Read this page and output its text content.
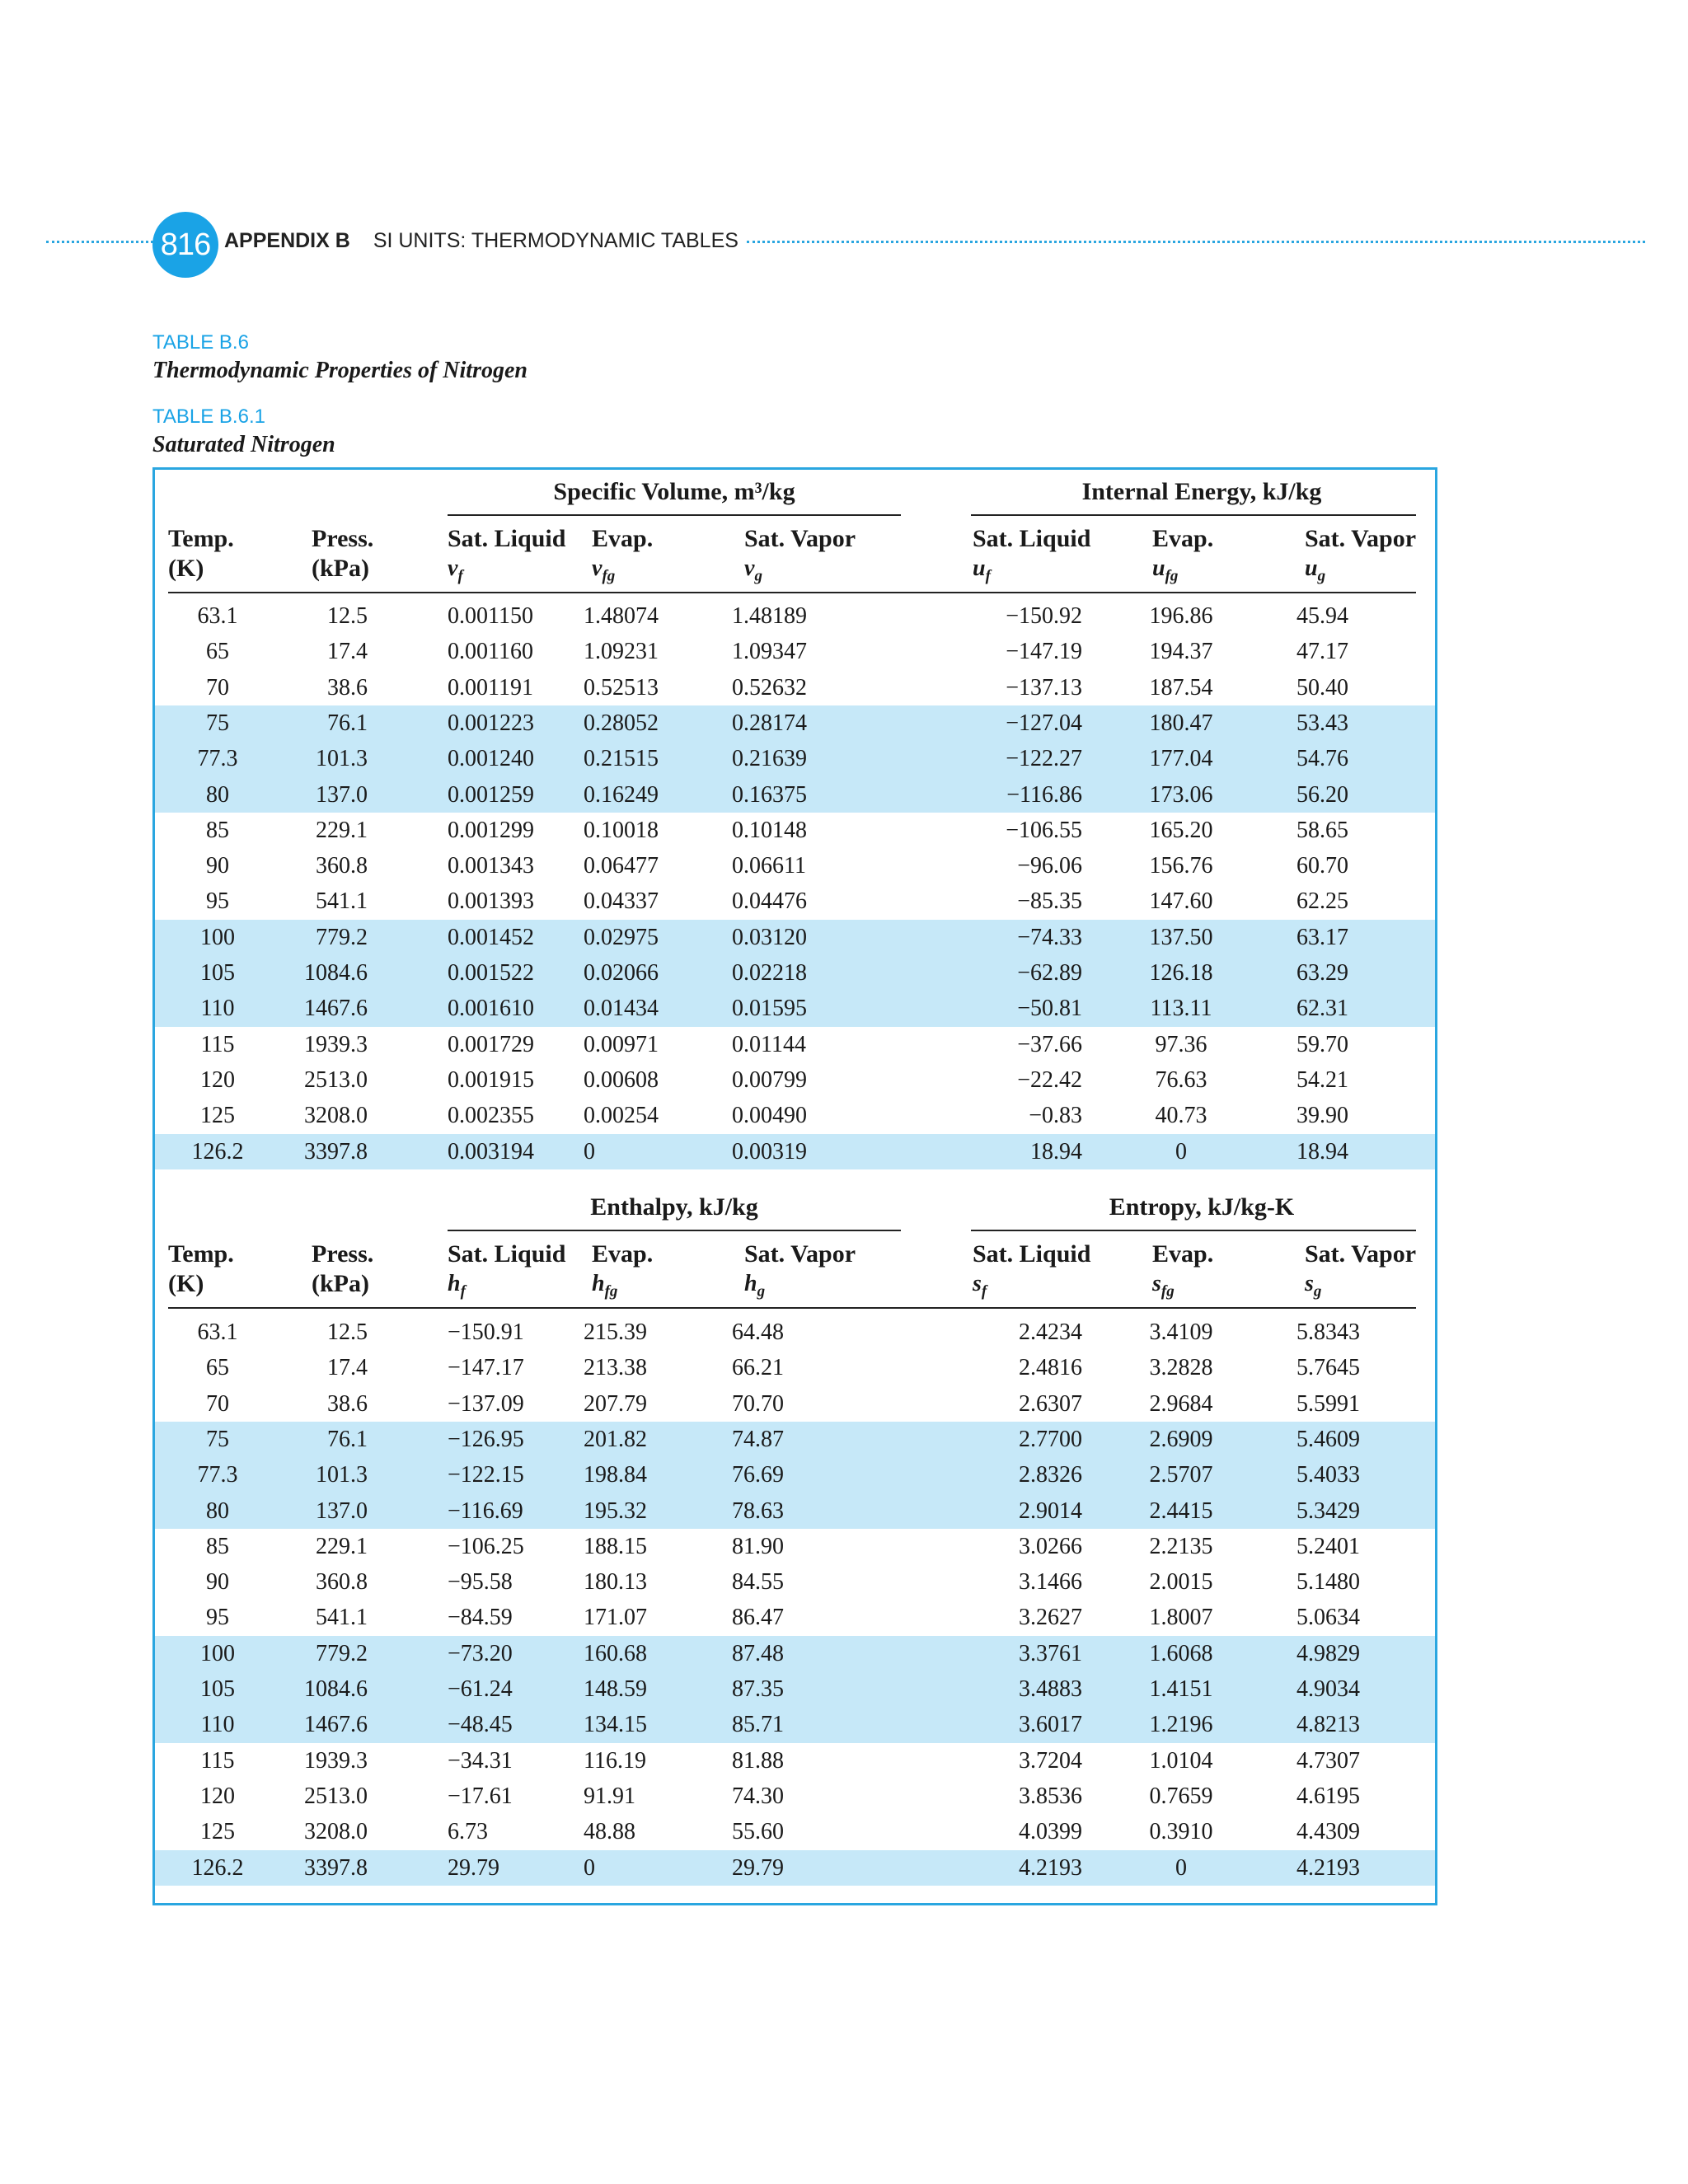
816 APPENDIX B SI UNITS: THERMODYNAMIC TABLES
TABLE B.6
Thermodynamic Properties of Nitrogen
TABLE B.6.1
Saturated Nitrogen
Specific Volume, m³/kg	Internal Energy, kJ/kg
Temp.	Press.	Sat. Liquid Evap.	Sat. Vapor	Sat. Liquid Evap.	Sat. Vapor
(K)	(kPa)	$v_f$	$v_{fg}$	$v_g$	$u_f$	$u_{fg}$	$u_g$
63.1	12.5	0.001150	1.48074	1.48189	−150.92	196.86	45.94
65	17.4	0.001160	1.09231	1.09347	−147.19	194.37	47.17
70	38.6	0.001191	0.52513	0.52632	−137.13	187.54	50.40
75	76.1	0.001223	0.28052	0.28174	−127.04	180.47	53.43
77.3	101.3	0.001240	0.21515	0.21639	−122.27	177.04	54.76
80	137.0	0.001259	0.16249	0.16375	−116.86	173.06	56.20
85	229.1	0.001299	0.10018	0.10148	−106.55	165.20	58.65
90	360.8	0.001343	0.06477	0.06611	−96.06	156.76	60.70
95	541.1	0.001393	0.04337	0.04476	−85.35	147.60	62.25
100	779.2	0.001452	0.02975	0.03120	−74.33	137.50	63.17
105	1084.6	0.001522	0.02066	0.02218	−62.89	126.18	63.29
110	1467.6	0.001610	0.01434	0.01595	−50.81	113.11	62.31
115	1939.3	0.001729	0.00971	0.01144	−37.66	97.36	59.70
120	2513.0	0.001915	0.00608	0.00799	−22.42	76.63	54.21
125	3208.0	0.002355	0.00254	0.00490	−0.83	40.73	39.90
126.2	3397.8	0.003194	0	0.00319	18.94	0	18.94
Enthalpy, kJ/kg	Entropy, kJ/kg-K
Temp.	Press.	Sat. Liquid Evap.	Sat. Vapor	Sat. Liquid Evap.	Sat. Vapor
(K)	(kPa)	$h_f$	$h_{fg}$	$h_g$	$s_f$	$s_{fg}$	$s_g$
63.1	12.5	−150.91	215.39	64.48	2.4234	3.4109	5.8343
65	17.4	−147.17	213.38	66.21	2.4816	3.2828	5.7645
70	38.6	−137.09	207.79	70.70	2.6307	2.9684	5.5991
75	76.1	−126.95	201.82	74.87	2.7700	2.6909	5.4609
77.3	101.3	−122.15	198.84	76.69	2.8326	2.5707	5.4033
80	137.0	−116.69	195.32	78.63	2.9014	2.4415	5.3429
85	229.1	−106.25	188.15	81.90	3.0266	2.2135	5.2401
90	360.8	−95.58	180.13	84.55	3.1466	2.0015	5.1480
95	541.1	−84.59	171.07	86.47	3.2627	1.8007	5.0634
100	779.2	−73.20	160.68	87.48	3.3761	1.6068	4.9829
105	1084.6	−61.24	148.59	87.35	3.4883	1.4151	4.9034
110	1467.6	−48.45	134.15	85.71	3.6017	1.2196	4.8213
115	1939.3	−34.31	116.19	81.88	3.7204	1.0104	4.7307
120	2513.0	−17.61	91.91	74.30	3.8536	0.7659	4.6195
125	3208.0	6.73	48.88	55.60	4.0399	0.3910	4.4309
126.2	3397.8	29.79	0	29.79	4.2193	0	4.2193
